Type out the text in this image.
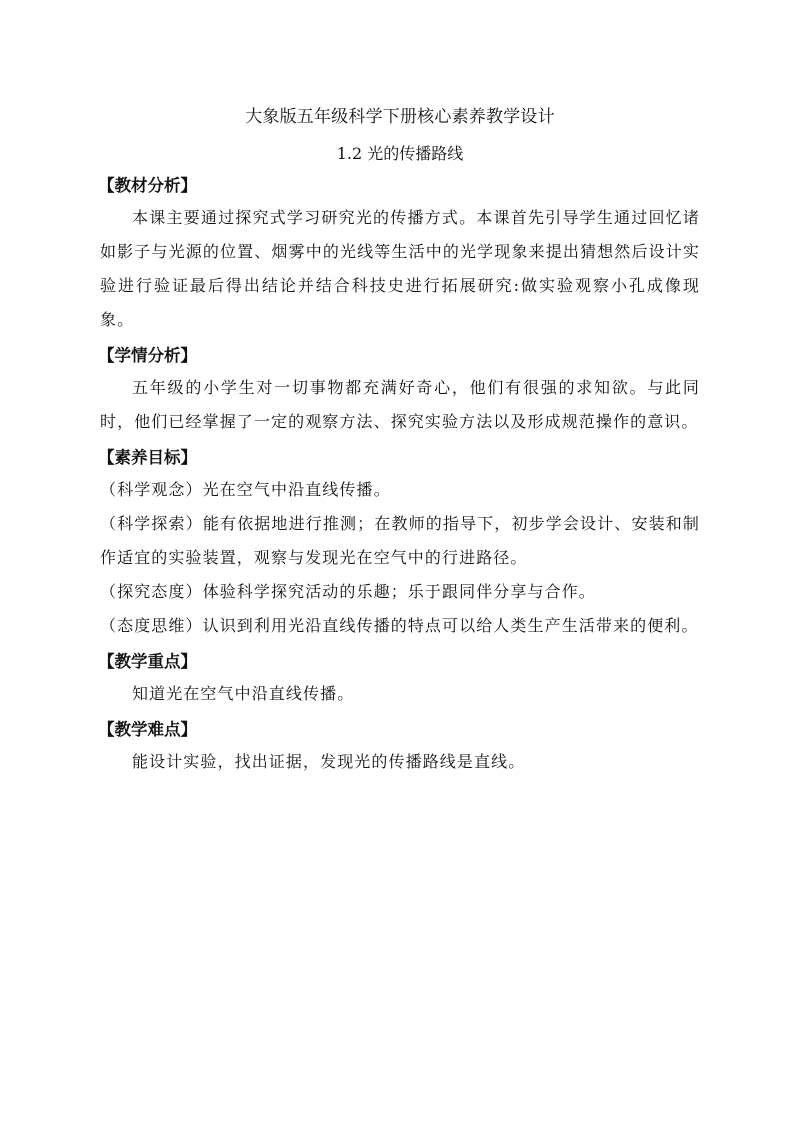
大象版五年级科学下册核心素养教学设计

1.2 光的传播路线

【教材分析】

本课主要通过探究式学习研究光的传播方式。本课首先引导学生通过回忆诸如影子与光源的位置、烟雾中的光线等生活中的光学现象来提出猜想然后设计实验进行验证最后得出结论并结合科技史进行拓展研究:做实验观察小孔成像现象。

【学情分析】

五年级的小学生对一切事物都充满好奇心，他们有很强的求知欲。与此同时，他们已经掌握了一定的观察方法、探究实验方法以及形成规范操作的意识。

【素养目标】

（科学观念）光在空气中沿直线传播。

（科学探索）能有依据地进行推测；在教师的指导下，初步学会设计、安装和制作适宜的实验装置，观察与发现光在空气中的行进路径。

（探究态度）体验科学探究活动的乐趣；乐于跟同伴分享与合作。

（态度思维）认识到利用光沿直线传播的特点可以给人类生产生活带来的便利。

【教学重点】

知道光在空气中沿直线传播。

【教学难点】

能设计实验，找出证据，发现光的传播路线是直线。
